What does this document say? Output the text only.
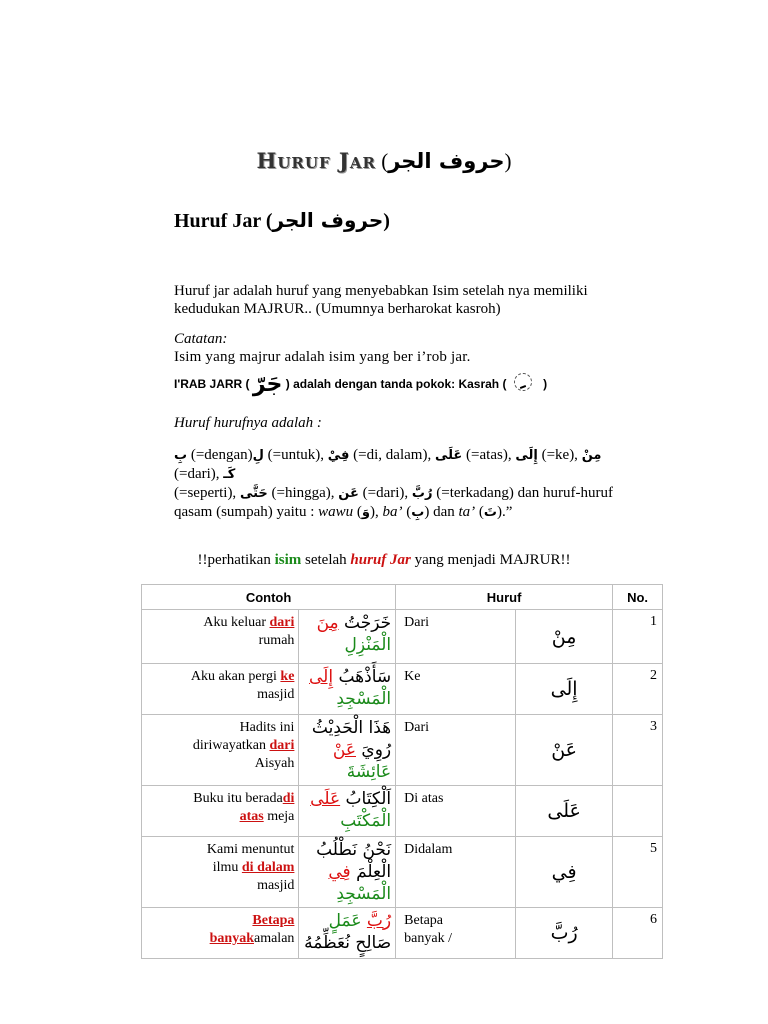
Huruf Jar (حروف الجر)
Huruf Jar (حروف الجر)
Huruf jar adalah huruf yang menyebabkan Isim setelah nya memiliki
kedudukan MAJRUR.. (Umumnya berharokat kasroh)
Catatan:
Isim yang majrur adalah isim yang ber i’rob jar.
I'RAB JARR ( جَرّ ) adalah dengan tanda pokok: Kasrah (	)
Huruf hurufnya adalah :
بِ (=dengan)لِ (=untuk), فِيْ (=di, dalam), عَلَى (=atas), إِلَى (=ke), مِنْ (=dari), كَـ
(=seperti), حَتَّى (=hingga), عَن (=dari), رُبَّ (=terkadang) dan huruf-huruf
qasam (sumpah) yaitu : wawu (وَ), ba’ (بِ) dan ta’ (تَ).”
!!perhatikan isim setelah huruf Jar yang menjadi MAJRUR!!
Contoh		Huruf		No.
Aku keluar dari
rumah	خَرَجْتُ مِنَ
الْمَنْزِلِ	Dari	مِنْ	1
Aku akan pergi ke
masjid	سَأَذْهَبُ إِلَى
الْمَسْجِدِ	Ke	إِلَى	2
Hadits ini
diriwayatkan dari
Aisyah	هَذَا الْحَدِيْثُ
رُوِيَ عَنْ
عَائِشَةَ	Dari	عَنْ	3
Buku itu beradadi
atas meja	اَلْكِتَابُ عَلَى
الْمَكْتَبِ	Di atas	عَلَى	
Kami menuntut
ilmu di dalam
masjid	نَحْنُ نَطْلُبُ
الْعِلْمَ فِي
الْمَسْجِدِ	Didalam	فِي	5
Betapa
banyakamalan	رُبَّ عَمَلٍ
صَالِحٍ نُعَظِّمُهُ	Betapa
banyak /	رُبَّ	6
